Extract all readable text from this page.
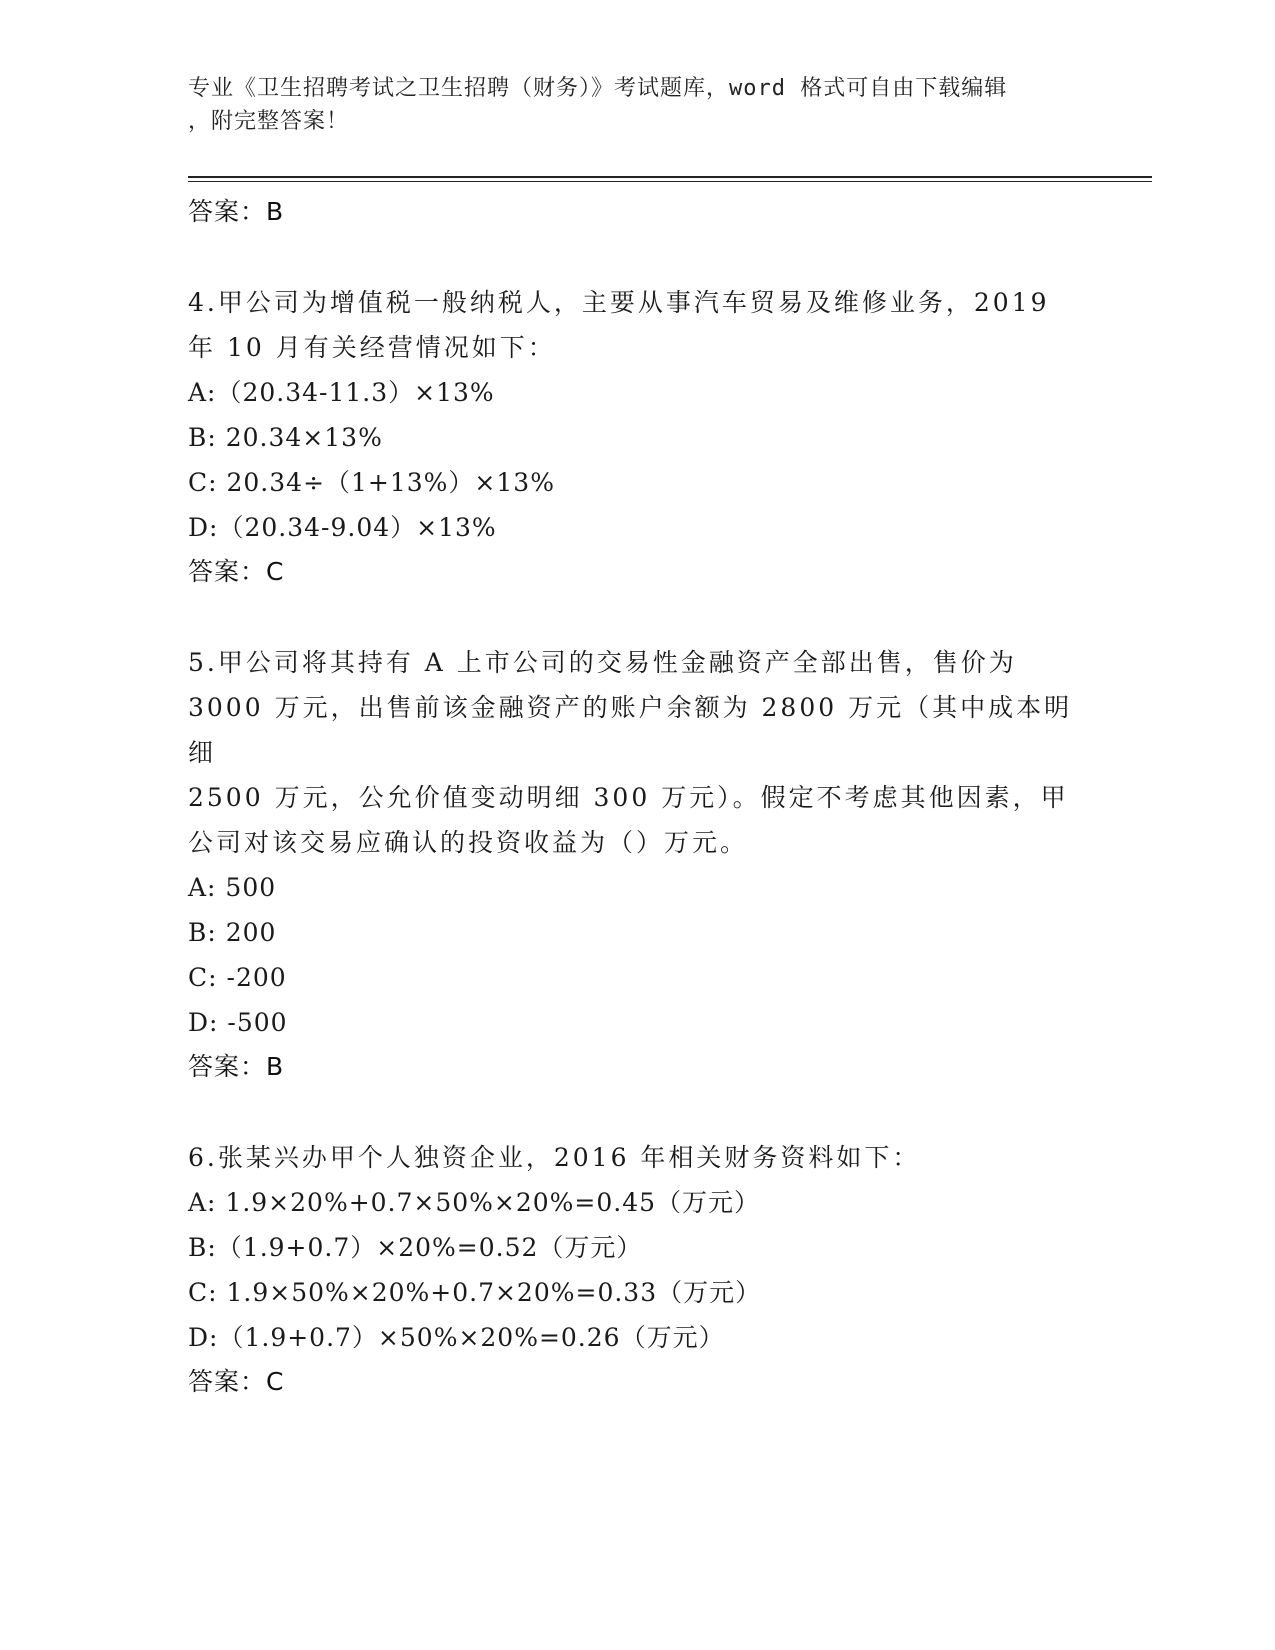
专业《卫生招聘考试之卫生招聘（财务）》考试题库，word 格式可自由下载编辑
，附完整答案！
答案：B
4.甲公司为增值税一般纳税人，主要从事汽车贸易及维修业务，2019
年 10 月有关经营情况如下：
A:（20.34-11.3）×13%
B: 20.34×13%
C: 20.34÷（1+13%）×13%
D:（20.34-9.04）×13%
答案：C
5.甲公司将其持有 A 上市公司的交易性金融资产全部出售，售价为
3000 万元，出售前该金融资产的账户余额为 2800 万元（其中成本明细
2500 万元，公允价值变动明细 300 万元）。假定不考虑其他因素，甲
公司对该交易应确认的投资收益为（）万元。
A: 500
B: 200
C: -200
D: -500
答案：B
6.张某兴办甲个人独资企业，2016 年相关财务资料如下：
A: 1.9×20%+0.7×50%×20%=0.45（万元）
B:（1.9+0.7）×20%=0.52（万元）
C: 1.9×50%×20%+0.7×20%=0.33（万元）
D:（1.9+0.7）×50%×20%=0.26（万元）
答案：C
